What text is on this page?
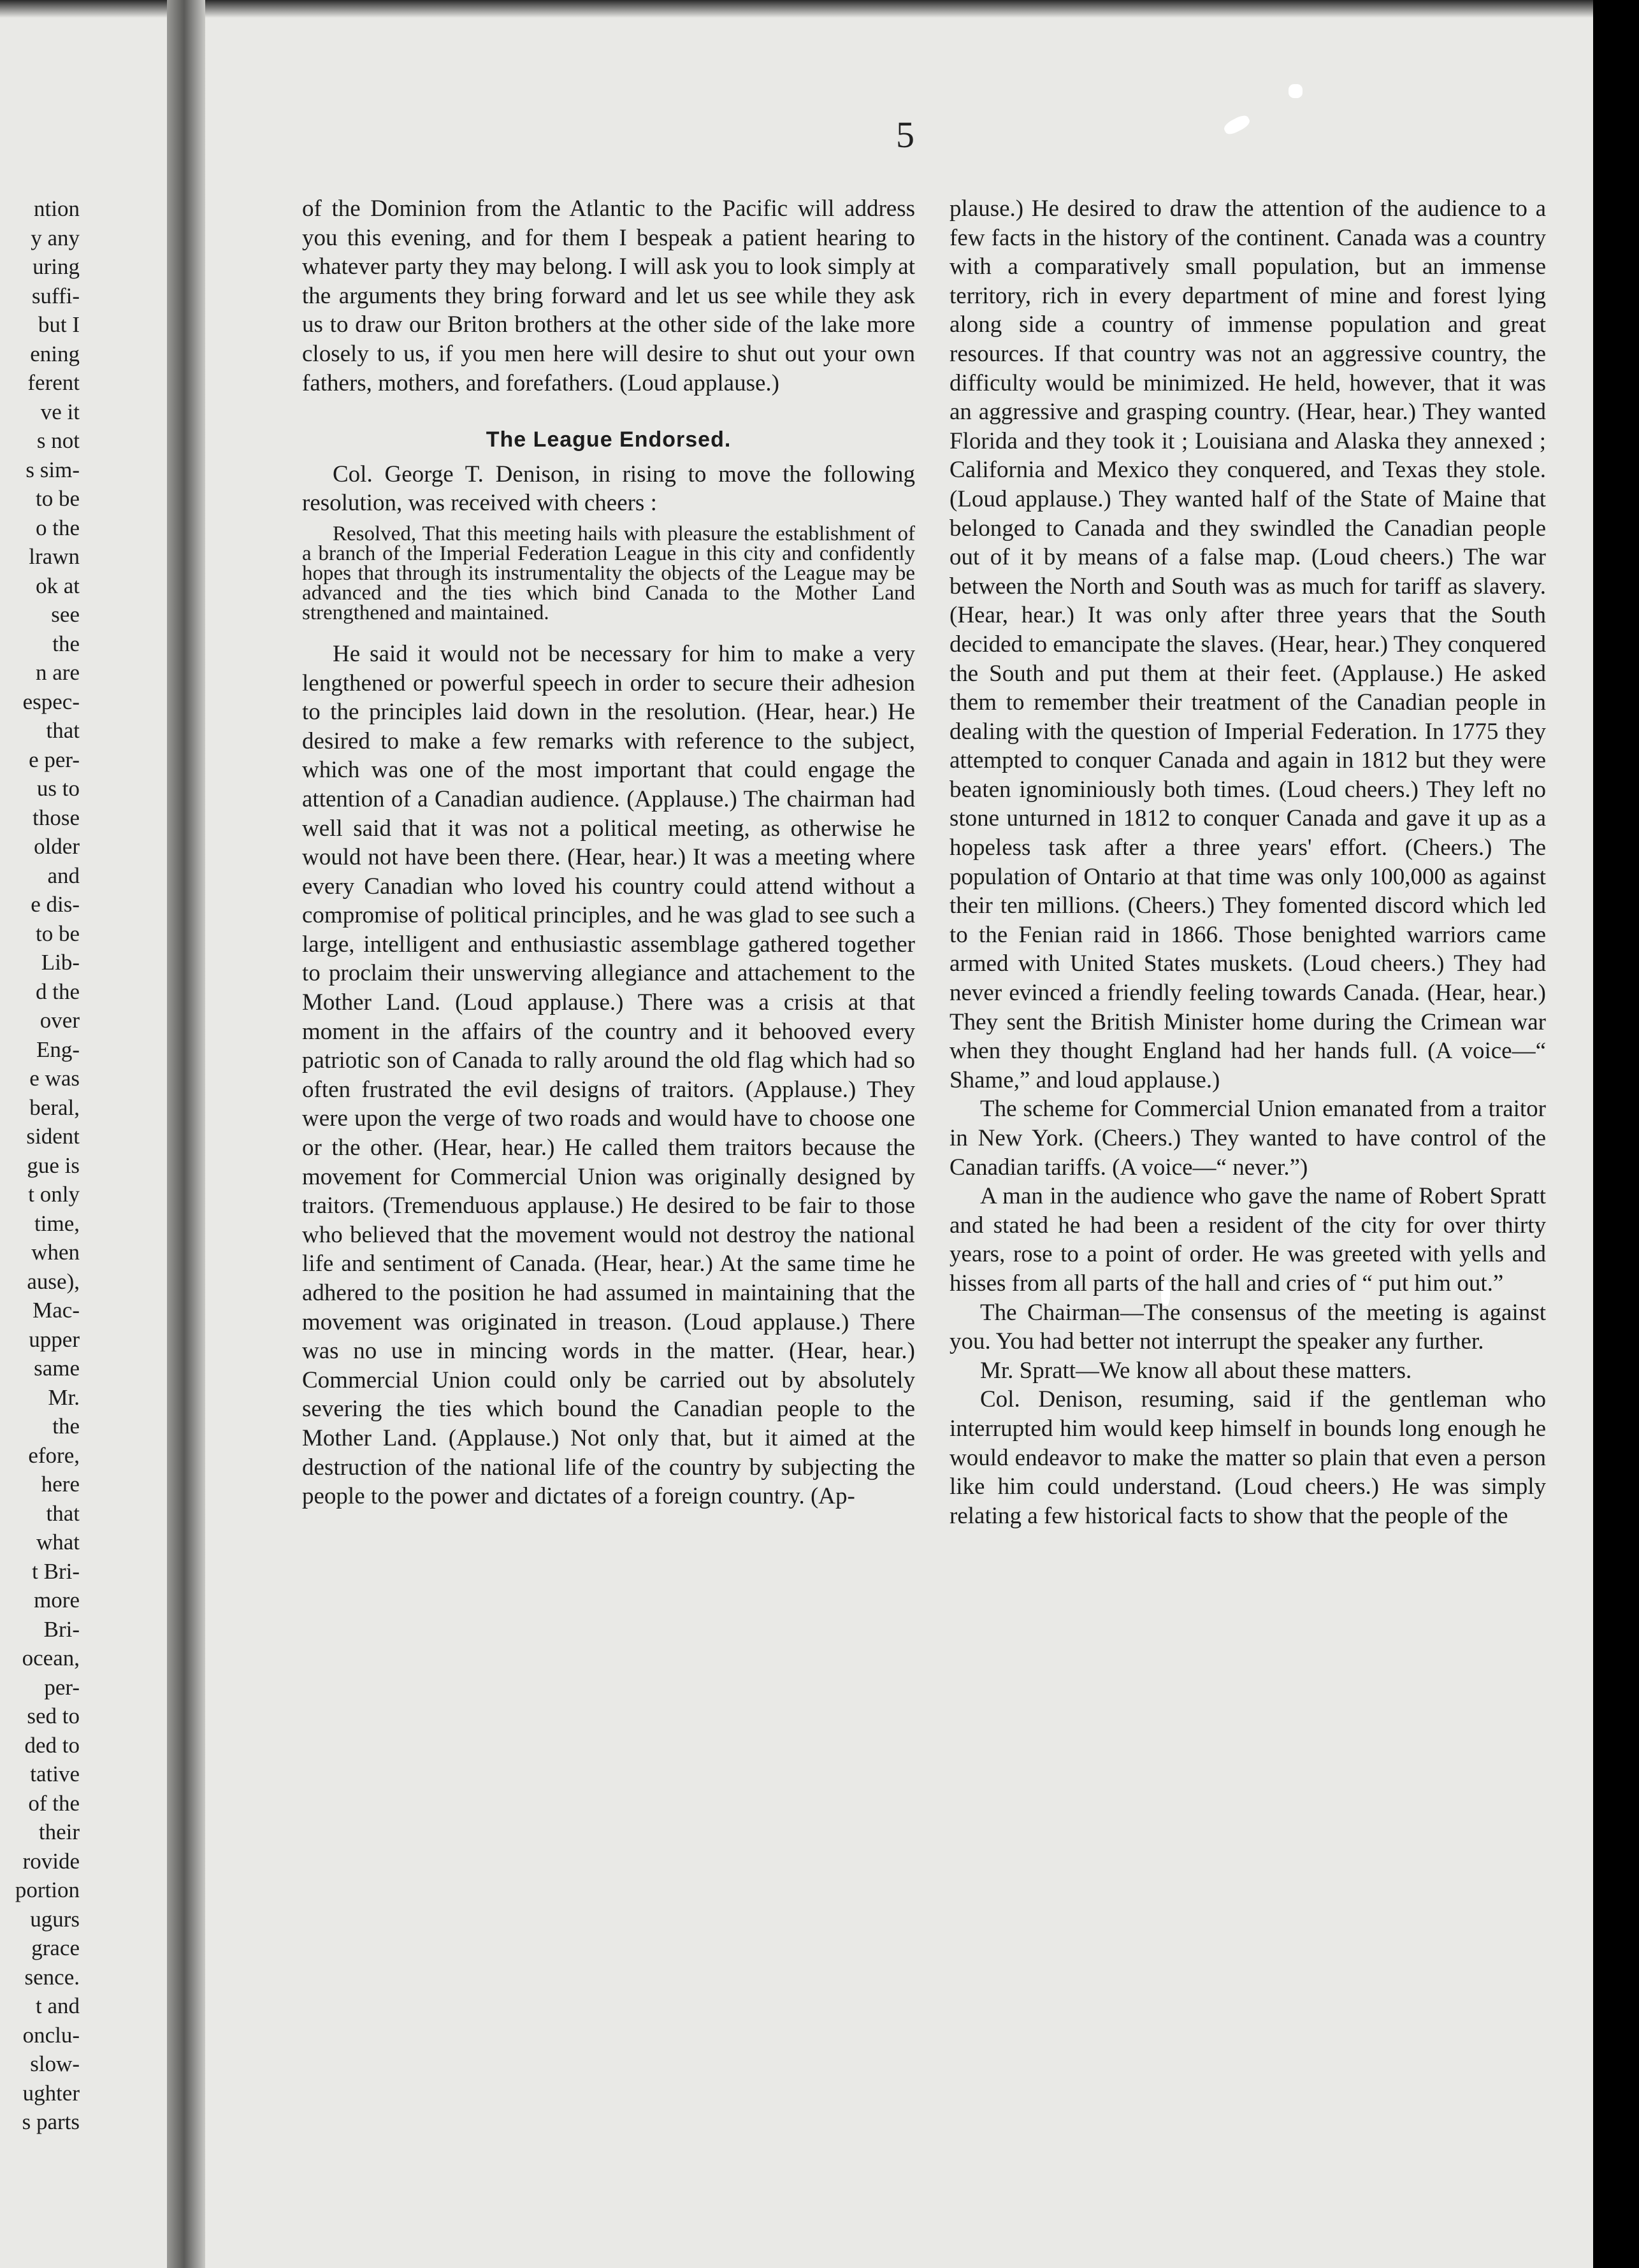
5
ntion
y any
uring
suffi-
but I
ening
ferent
ve it
s not
s sim-
to be
o the
lrawn
ok at
see
the
n are
espec-
that
e per-
us to
those
older
and
e dis-
to be
Lib-
d the
over
Eng-
e was
beral,
sident
gue is
t only
time,
when
ause),
Mac-
upper
same
Mr.
the
efore,
here
that
what
t Bri-
more
Bri-
ocean,
per-
sed to
ded to
tative
of the
their
rovide
portion
ugurs
grace
sence.
t and
onclu-
slow-
ughter
s parts

of the Dominion from the Atlantic to the Pacific will address you this evening, and for them I bespeak a patient hearing to whatever party they may belong. I will ask you to look simply at the arguments they bring forward and let us see while they ask us to draw our Briton brothers at the other side of the lake more closely to us, if you men here will desire to shut out your own fathers, mothers, and forefathers. (Loud applause.)

The League Endorsed.

Col. George T. Denison, in rising to move the following resolution, was received with cheers :

Resolved, That this meeting hails with pleasure the establishment of a branch of the Imperial Federation League in this city and confidently hopes that through its instrumentality the objects of the League may be advanced and the ties which bind Canada to the Mother Land strengthened and maintained.

He said it would not be necessary for him to make a very lengthened or powerful speech in order to secure their adhesion to the principles laid down in the resolution. (Hear, hear.) He desired to make a few remarks with reference to the subject, which was one of the most important that could engage the attention of a Canadian audience. (Applause.) The chairman had well said that it was not a political meeting, as otherwise he would not have been there. (Hear, hear.) It was a meeting where every Canadian who loved his country could attend without a compromise of political principles, and he was glad to see such a large, intelligent and enthusiastic assemblage gathered together to proclaim their unswerving allegiance and attachement to the Mother Land. (Loud applause.) There was a crisis at that moment in the affairs of the country and it behooved every patriotic son of Canada to rally around the old flag which had so often frustrated the evil designs of traitors. (Applause.) They were upon the verge of two roads and would have to choose one or the other. (Hear, hear.) He called them traitors because the movement for Commercial Union was originally designed by traitors. (Tremenduous applause.) He desired to be fair to those who believed that the movement would not destroy the national life and sentiment of Canada. (Hear, hear.) At the same time he adhered to the position he had assumed in maintaining that the movement was originated in treason. (Loud applause.) There was no use in mincing words in the matter. (Hear, hear.) Commercial Union could only be carried out by absolutely severing the ties which bound the Canadian people to the Mother Land. (Applause.) Not only that, but it aimed at the destruction of the national life of the country by subjecting the people to the power and dictates of a foreign country. (Ap-

plause.) He desired to draw the attention of the audience to a few facts in the history of the continent. Canada was a country with a comparatively small population, but an immense territory, rich in every department of mine and forest lying along side a country of immense population and great resources. If that country was not an aggressive country, the difficulty would be minimized. He held, however, that it was an aggressive and grasping country. (Hear, hear.) They wanted Florida and they took it ; Louisiana and Alaska they annexed ; California and Mexico they conquered, and Texas they stole. (Loud applause.) They wanted half of the State of Maine that belonged to Canada and they swindled the Canadian people out of it by means of a false map. (Loud cheers.) The war between the North and South was as much for tariff as slavery. (Hear, hear.) It was only after three years that the South decided to emancipate the slaves. (Hear, hear.) They conquered the South and put them at their feet. (Applause.) He asked them to remember their treatment of the Canadian people in dealing with the question of Imperial Federation. In 1775 they attempted to conquer Canada and again in 1812 but they were beaten ignominiously both times. (Loud cheers.) They left no stone unturned in 1812 to conquer Canada and gave it up as a hopeless task after a three years' effort. (Cheers.) The population of Ontario at that time was only 100,000 as against their ten millions. (Cheers.) They fomented discord which led to the Fenian raid in 1866. Those benighted warriors came armed with United States muskets. (Loud cheers.) They had never evinced a friendly feeling towards Canada. (Hear, hear.) They sent the British Minister home during the Crimean war when they thought England had her hands full. (A voice—“ Shame,” and loud applause.)

The scheme for Commercial Union emanated from a traitor in New York. (Cheers.) They wanted to have control of the Canadian tariffs. (A voice—“ never.”)

A man in the audience who gave the name of Robert Spratt and stated he had been a resident of the city for over thirty years, rose to a point of order. He was greeted with yells and hisses from all parts of the hall and cries of “ put him out.”

The Chairman—The consensus of the meeting is against you. You had better not interrupt the speaker any further.

Mr. Spratt—We know all about these matters.

Col. Denison, resuming, said if the gentleman who interrupted him would keep himself in bounds long enough he would endeavor to make the matter so plain that even a person like him could understand. (Loud cheers.) He was simply relating a few historical facts to show that the people of the
